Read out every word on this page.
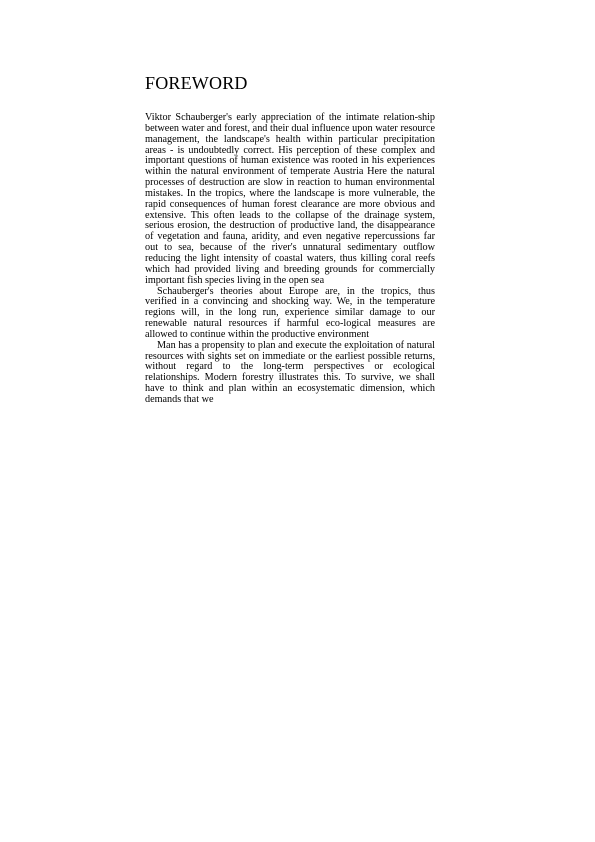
FOREWORD

Viktor Schauberger's early appreciation of the intimate relation-ship between water and forest, and their dual influence upon water resource management, the landscape's health within particular precipitation areas - is undoubtedly correct. His perception of these complex and important questions of human existence was rooted in his experiences within the natural environment of temperate Austria Here the natural processes of destruction are slow in reaction to human environmental mistakes. In the tropics, where the landscape is more vulnerable, the rapid consequences of human forest clearance are more obvious and extensive. This often leads to the collapse of the drainage system, serious erosion, the destruction of productive land, the disappearance of vegetation and fauna, aridity, and even negative repercussions far out to sea, because of the river's unnatural sedimentary outflow reducing the light intensity of coastal waters, thus killing coral reefs which had provided living and breeding grounds for commercially important fish species living in the open sea

Schauberger's theories about Europe are, in the tropics, thus verified in a convincing and shocking way. We, in the temperature regions will, in the long run, experience similar damage to our renewable natural resources if harmful eco-logical measures are allowed to continue within the productive environment

Man has a propensity to plan and execute the exploitation of natural resources with sights set on immediate or the earliest possible returns, without regard to the long-term perspectives or ecological relationships. Modern forestry illustrates this. To survive, we shall have to think and plan within an ecosystematic dimension, which demands that we
